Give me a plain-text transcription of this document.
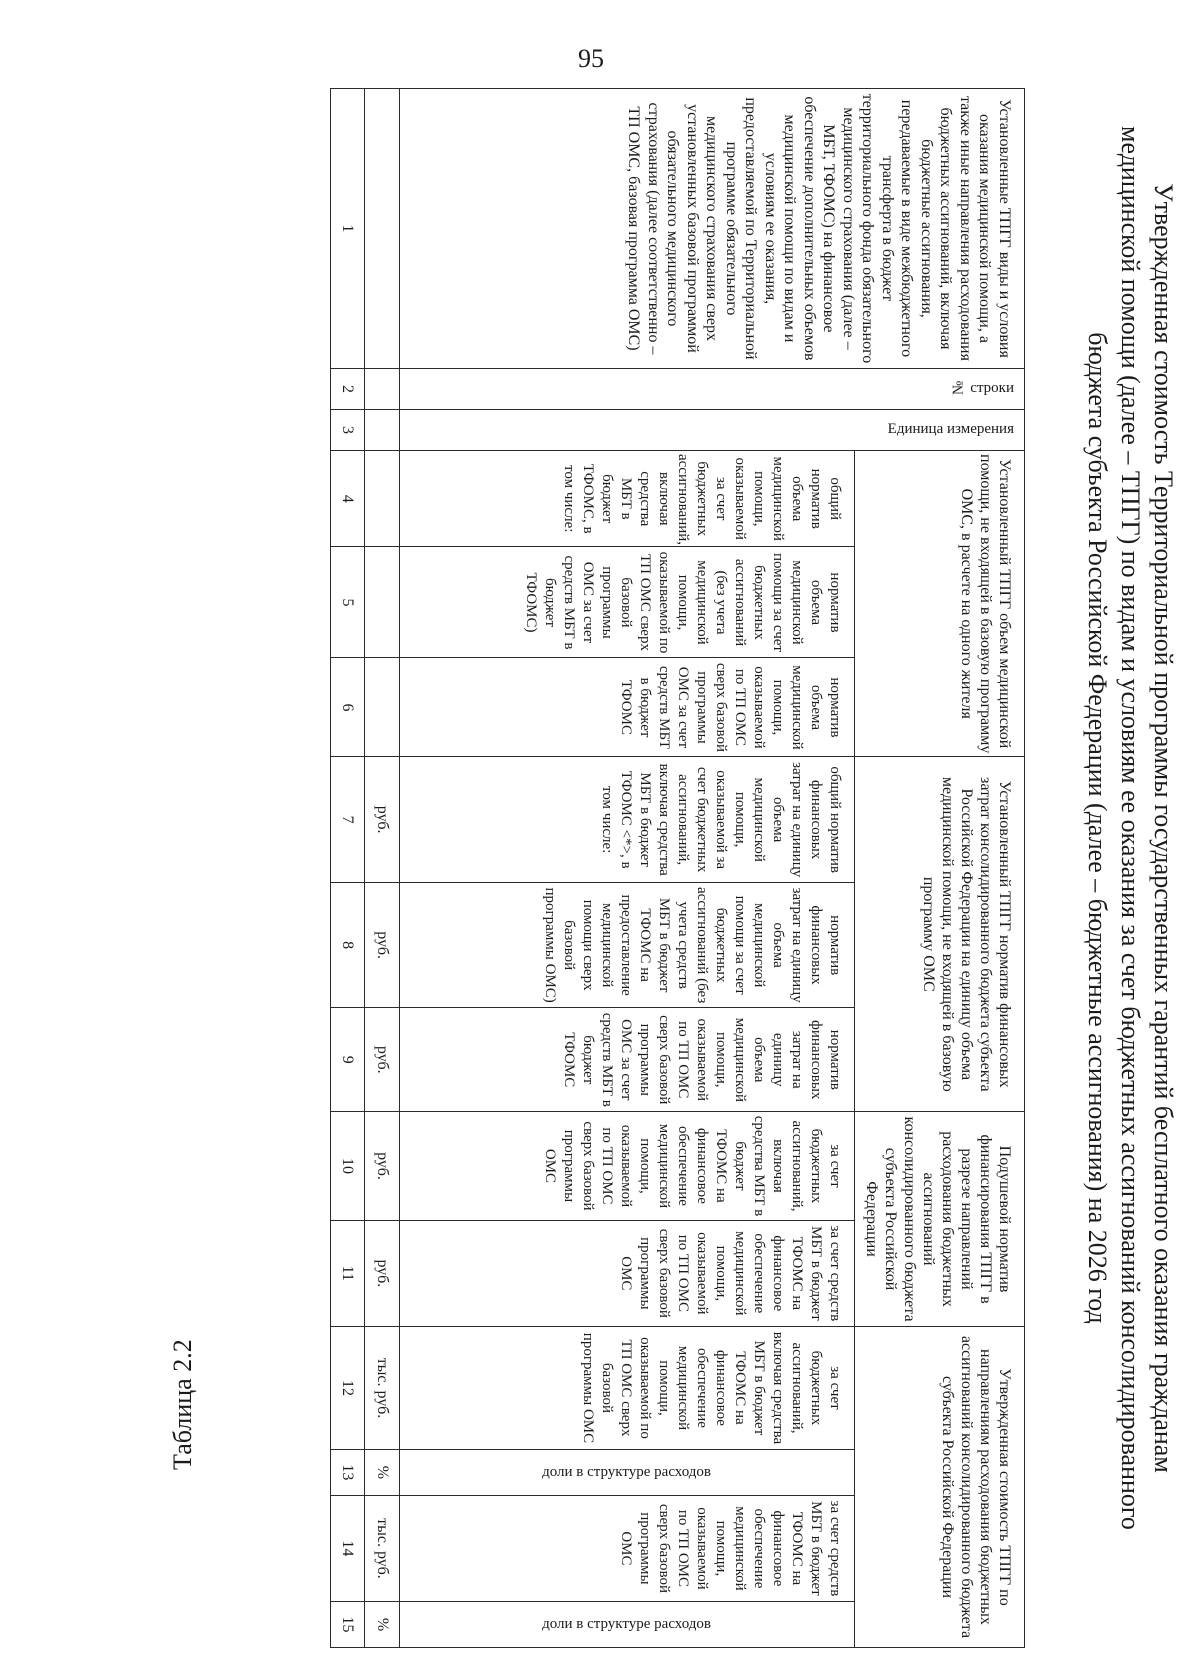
95
Установленные ТПГГ виды и условия оказания медицинской помощи, а также иные направления расходования бюджетных ассигнований, включая бюджетные ассигнования, передаваемые в виде межбюджетного трансферта в бюджет территориального фонда обязательного медицинского страхования (далее – МБТ, ТФОМС) на финансовое обеспечение дополнительных объемов медицинской помощи по видам и условиям ее оказания, предоставляемой по Территориальной программе обязательного медицинского страхования сверх установленных базовой программой обязательного медицинского страхования (далее соответственно – ТП ОМС, базовая программа ОМС)	№ строки	Единица измерения	Установленный ТПГГ объем медицинской помощи, не входящей в базовую программу ОМС, в расчете на одного жителя			Установленный ТПГГ норматив финансовых затрат консолидированного бюджета субъекта Российской Федерации на единицу объема медицинской помощи, не входящей в базовую программу ОМС			Подушевой норматив финансирования ТПГГ в разрезе направлений расходования бюджетных ассигнований консолидированного бюджета субъекта Российской Федерации		Утвержденная стоимость ТПГГ по направлениям расходования бюджетных ассигнований консолидированного бюджета субъекта Российской Федерации			
			общий норматив объема медицинской помощи, оказываемой за счет бюджетных ассигнований, включая средства МБТ в бюджет ТФОМС, в том числе:	норматив объема медицинской помощи за счет бюджетных ассигнований (без учета медицинской помощи, оказываемой по ТП ОМС сверх базовой программы ОМС за счет средств МБТ в бюджет ТФОМС)	норматив объема медицинской помощи, оказываемой по ТП ОМС сверх базовой программы ОМС за счет средств МБТ в бюджет ТФОМС	общий норматив финансовых затрат на единицу объема медицинской помощи, оказываемой за счет бюджетных ассигнований, включая средства МБТ в бюджет ТФОМС <*>, в том числе:	норматив финансовых затрат на единицу объема медицинской помощи за счет бюджетных ассигнований (без учета средств МБТ в бюджет ТФОМС на предоставление медицинской помощи сверх базовой программы ОМС)	норматив финансовых затрат на единицу объема медицинской помощи, оказываемой по ТП ОМС сверх базовой программы ОМС за счет средств МБТ в бюджет ТФОМС	за счет бюджетных ассигнований, включая средства МБТ в бюджет ТФОМС на финансовое обеспечение медицинской помощи, оказываемой по ТП ОМС сверх базовой программы ОМС	за счет средств МБТ в бюджет ТФОМС на финансовое обеспечение медицинской помощи, оказываемой по ТП ОМС сверх базовой программы ОМС	за счет бюджетных ассигнований, включая средства МБТ в бюджет ТФОМС на финансовое обеспечение медицинской помощи, оказываемой по ТП ОМС сверх базовой программы ОМС	доли в структуре расходов	за счет средств МБТ в бюджет ТФОМС на финансовое обеспечение медицинской помощи, оказываемой по ТП ОМС сверх базовой программы ОМС	доли в структуре расходов

						руб.	руб.	руб.	руб.	руб.	тыс. руб.	%	тыс. руб.	%
1	2	3	4	5	6	7	8	9	10	11	12	13	14	15
Утвержденная стоимость Территориальной программы государственных гарантий бесплатного оказания гражданам медицинской помощи (далее – ТПГГ) по видам и условиям ее оказания за счет бюджетных ассигнований консолидированного бюджета субъекта Российской Федерации (далее – бюджетные ассигнования) на 2026 год
Таблица 2.2
